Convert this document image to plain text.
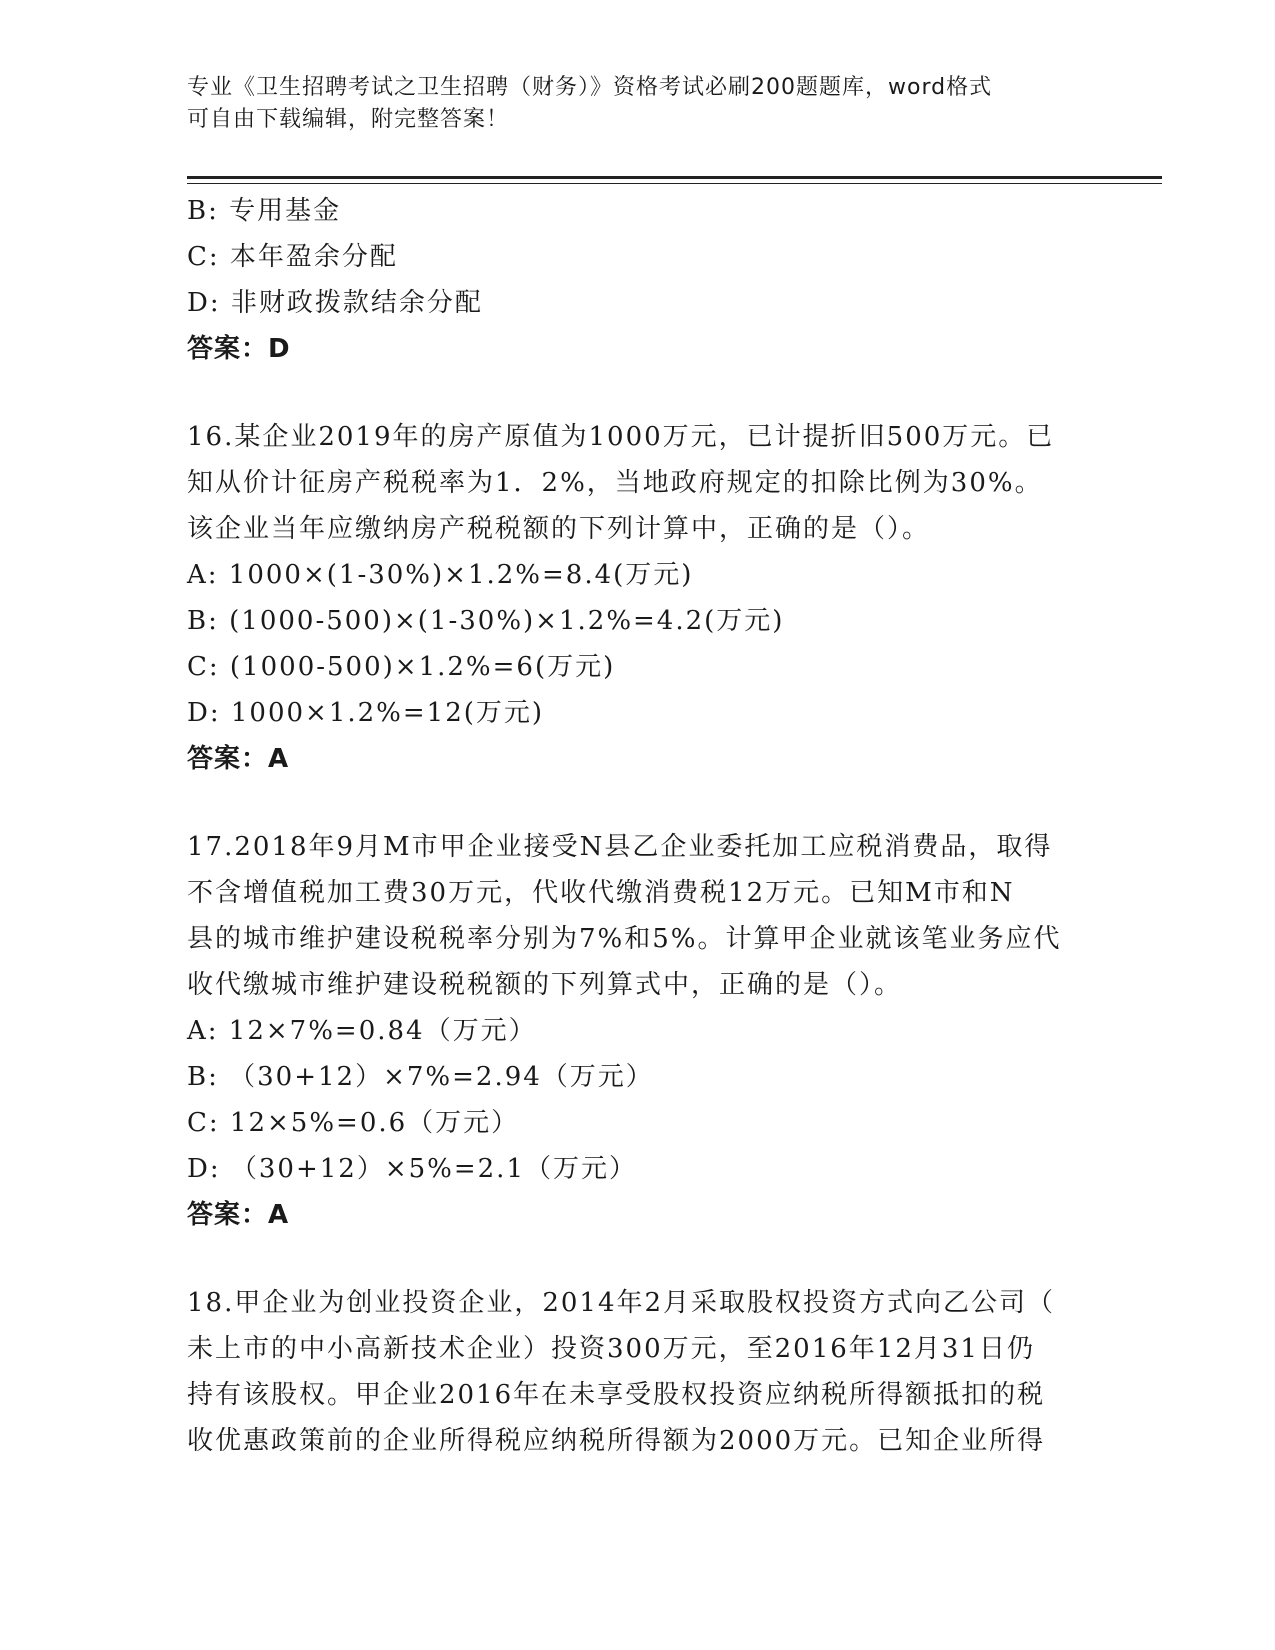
专业《卫生招聘考试之卫生招聘（财务）》资格考试必刷200题题库，word格式
可自由下载编辑，附完整答案！
B: 专用基金
C: 本年盈余分配
D: 非财政拨款结余分配
答案：D
16.某企业2019年的房产原值为1000万元，已计提折旧500万元。已
知从价计征房产税税率为1．2%，当地政府规定的扣除比例为30%。
该企业当年应缴纳房产税税额的下列计算中，正确的是（）。
A: 1000×(1-30%)×1.2%=8.4(万元)
B: (1000-500)×(1-30%)×1.2%=4.2(万元)
C: (1000-500)×1.2%=6(万元)
D: 1000×1.2%=12(万元)
答案：A
17.2018年9月M市甲企业接受N县乙企业委托加工应税消费品，取得
不含增值税加工费30万元，代收代缴消费税12万元。已知M市和N
县的城市维护建设税税率分别为7%和5%。计算甲企业就该笔业务应代
收代缴城市维护建设税税额的下列算式中，正确的是（）。
A: 12×7%=0.84（万元）
B: （30+12）×7%=2.94（万元）
C: 12×5%=0.6（万元）
D: （30+12）×5%=2.1（万元）
答案：A
18.甲企业为创业投资企业，2014年2月采取股权投资方式向乙公司（
未上市的中小高新技术企业）投资300万元，至2016年12月31日仍
持有该股权。甲企业2016年在未享受股权投资应纳税所得额抵扣的税
收优惠政策前的企业所得税应纳税所得额为2000万元。已知企业所得
